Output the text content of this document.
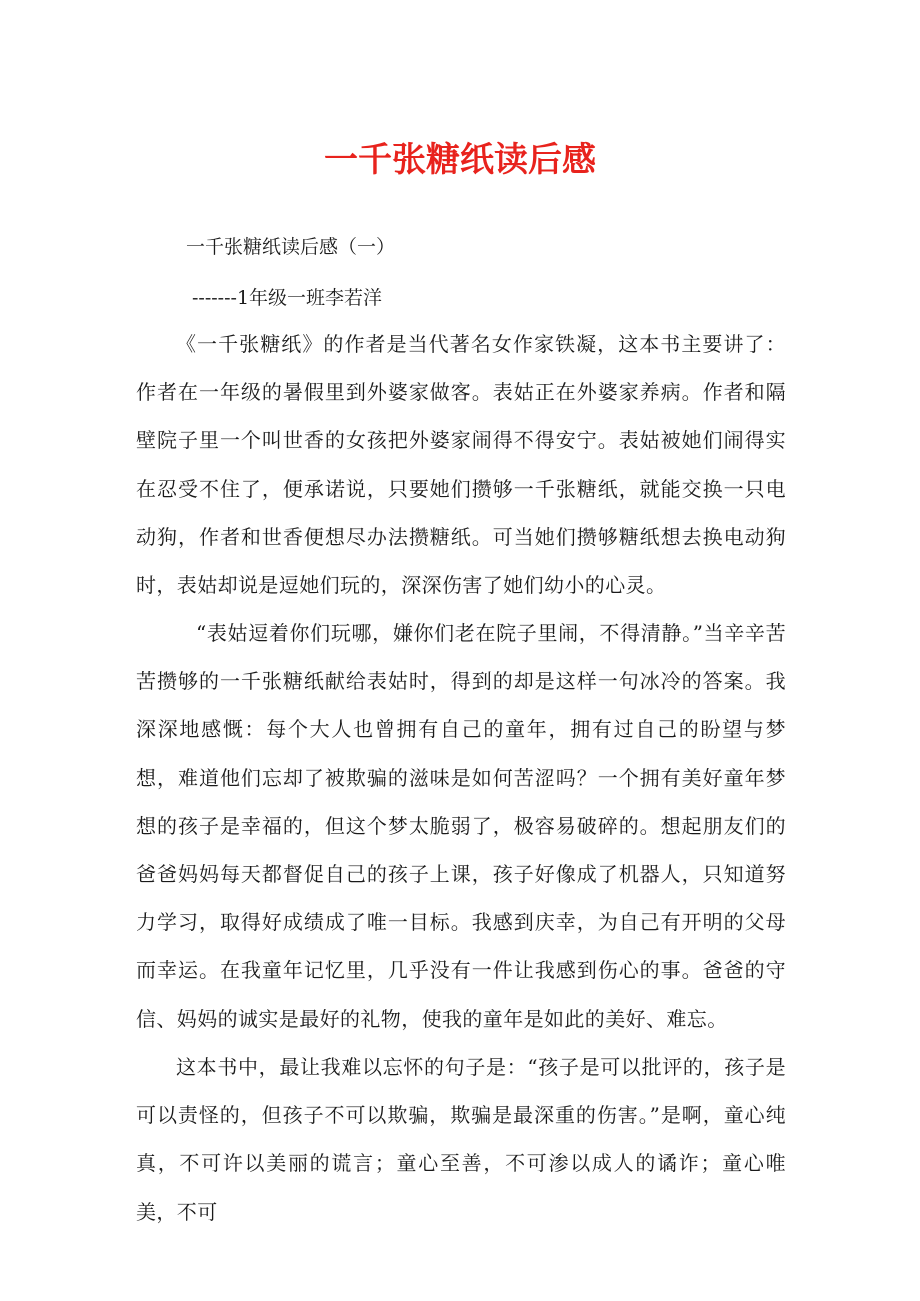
一千张糖纸读后感

一千张糖纸读后感（一）

-------1年级一班李若洋

《一千张糖纸》的作者是当代著名女作家铁凝，这本书主要讲了：作者在一年级的暑假里到外婆家做客。表姑正在外婆家养病。作者和隔壁院子里一个叫世香的女孩把外婆家闹得不得安宁。表姑被她们闹得实在忍受不住了，便承诺说，只要她们攒够一千张糖纸，就能交换一只电动狗，作者和世香便想尽办法攒糖纸。可当她们攒够糖纸想去换电动狗时，表姑却说是逗她们玩的，深深伤害了她们幼小的心灵。

“表姑逗着你们玩哪，嫌你们老在院子里闹，不得清静。”当辛辛苦苦攒够的一千张糖纸献给表姑时，得到的却是这样一句冰冷的答案。我深深地感慨：每个大人也曾拥有自己的童年，拥有过自己的盼望与梦想，难道他们忘却了被欺骗的滋味是如何苦涩吗？一个拥有美好童年梦想的孩子是幸福的，但这个梦太脆弱了，极容易破碎的。想起朋友们的爸爸妈妈每天都督促自己的孩子上课，孩子好像成了机器人，只知道努力学习，取得好成绩成了唯一目标。我感到庆幸，为自己有开明的父母而幸运。在我童年记忆里，几乎没有一件让我感到伤心的事。爸爸的守信、妈妈的诚实是最好的礼物，使我的童年是如此的美好、难忘。

这本书中，最让我难以忘怀的句子是：“孩子是可以批评的，孩子是可以责怪的，但孩子不可以欺骗，欺骗是最深重的伤害。”是啊，童心纯真，不可许以美丽的谎言；童心至善，不可渗以成人的谲诈；童心唯美，不可
